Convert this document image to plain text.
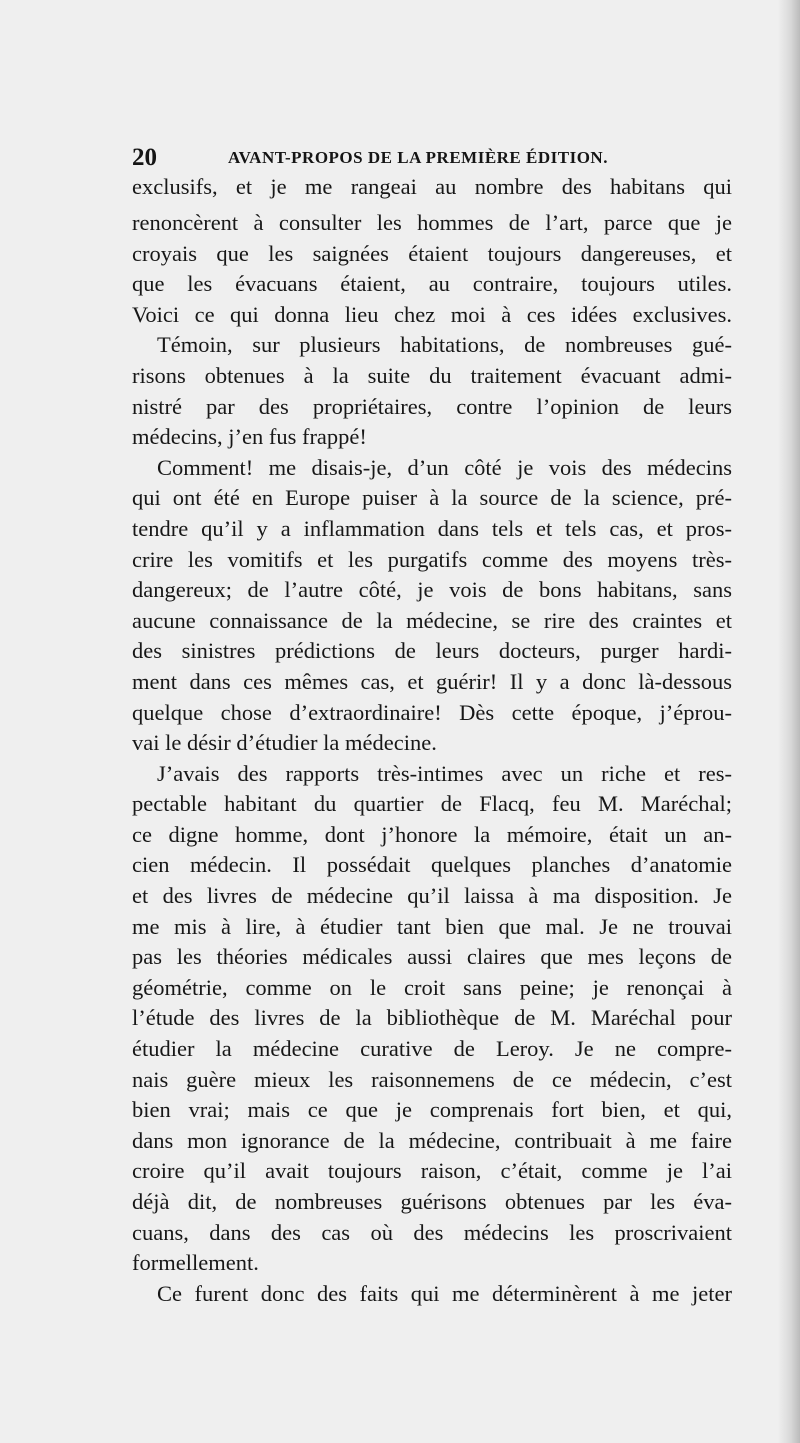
20	AVANT-PROPOS DE LA PREMIÈRE ÉDITION.
exclusifs, et je me rangeai au nombre des habitans qui
renoncèrent à consulter les hommes de l’art, parce que je
croyais que les saignées étaient toujours dangereuses, et
que les évacuans étaient, au contraire, toujours utiles.
Voici ce qui donna lieu chez moi à ces idées exclusives.
Témoin, sur plusieurs habitations, de nombreuses gué-
risons obtenues à la suite du traitement évacuant admi-
nistré par des propriétaires, contre l’opinion de leurs
médecins, j’en fus frappé!
Comment! me disais-je, d’un côté je vois des médecins
qui ont été en Europe puiser à la source de la science, pré-
tendre qu’il y a inflammation dans tels et tels cas, et pros-
crire les vomitifs et les purgatifs comme des moyens très-
dangereux; de l’autre côté, je vois de bons habitans, sans
aucune connaissance de la médecine, se rire des craintes et
des sinistres prédictions de leurs docteurs, purger hardi-
ment dans ces mêmes cas, et guérir! Il y a donc là-dessous
quelque chose d’extraordinaire! Dès cette époque, j’éprou-
vai le désir d’étudier la médecine.
J’avais des rapports très-intimes avec un riche et res-
pectable habitant du quartier de Flacq, feu M. Maréchal;
ce digne homme, dont j’honore la mémoire, était un an-
cien médecin. Il possédait quelques planches d’anatomie
et des livres de médecine qu’il laissa à ma disposition. Je
me mis à lire, à étudier tant bien que mal. Je ne trouvai
pas les théories médicales aussi claires que mes leçons de
géométrie, comme on le croit sans peine; je renonçai à
l’étude des livres de la bibliothèque de M. Maréchal pour
étudier la médecine curative de Leroy. Je ne compre-
nais guère mieux les raisonnemens de ce médecin, c’est
bien vrai; mais ce que je comprenais fort bien, et qui,
dans mon ignorance de la médecine, contribuait à me faire
croire qu’il avait toujours raison, c’était, comme je l’ai
déjà dit, de nombreuses guérisons obtenues par les éva-
cuans, dans des cas où des médecins les proscrivaient
formellement.
Ce furent donc des faits qui me déterminèrent à me jeter
